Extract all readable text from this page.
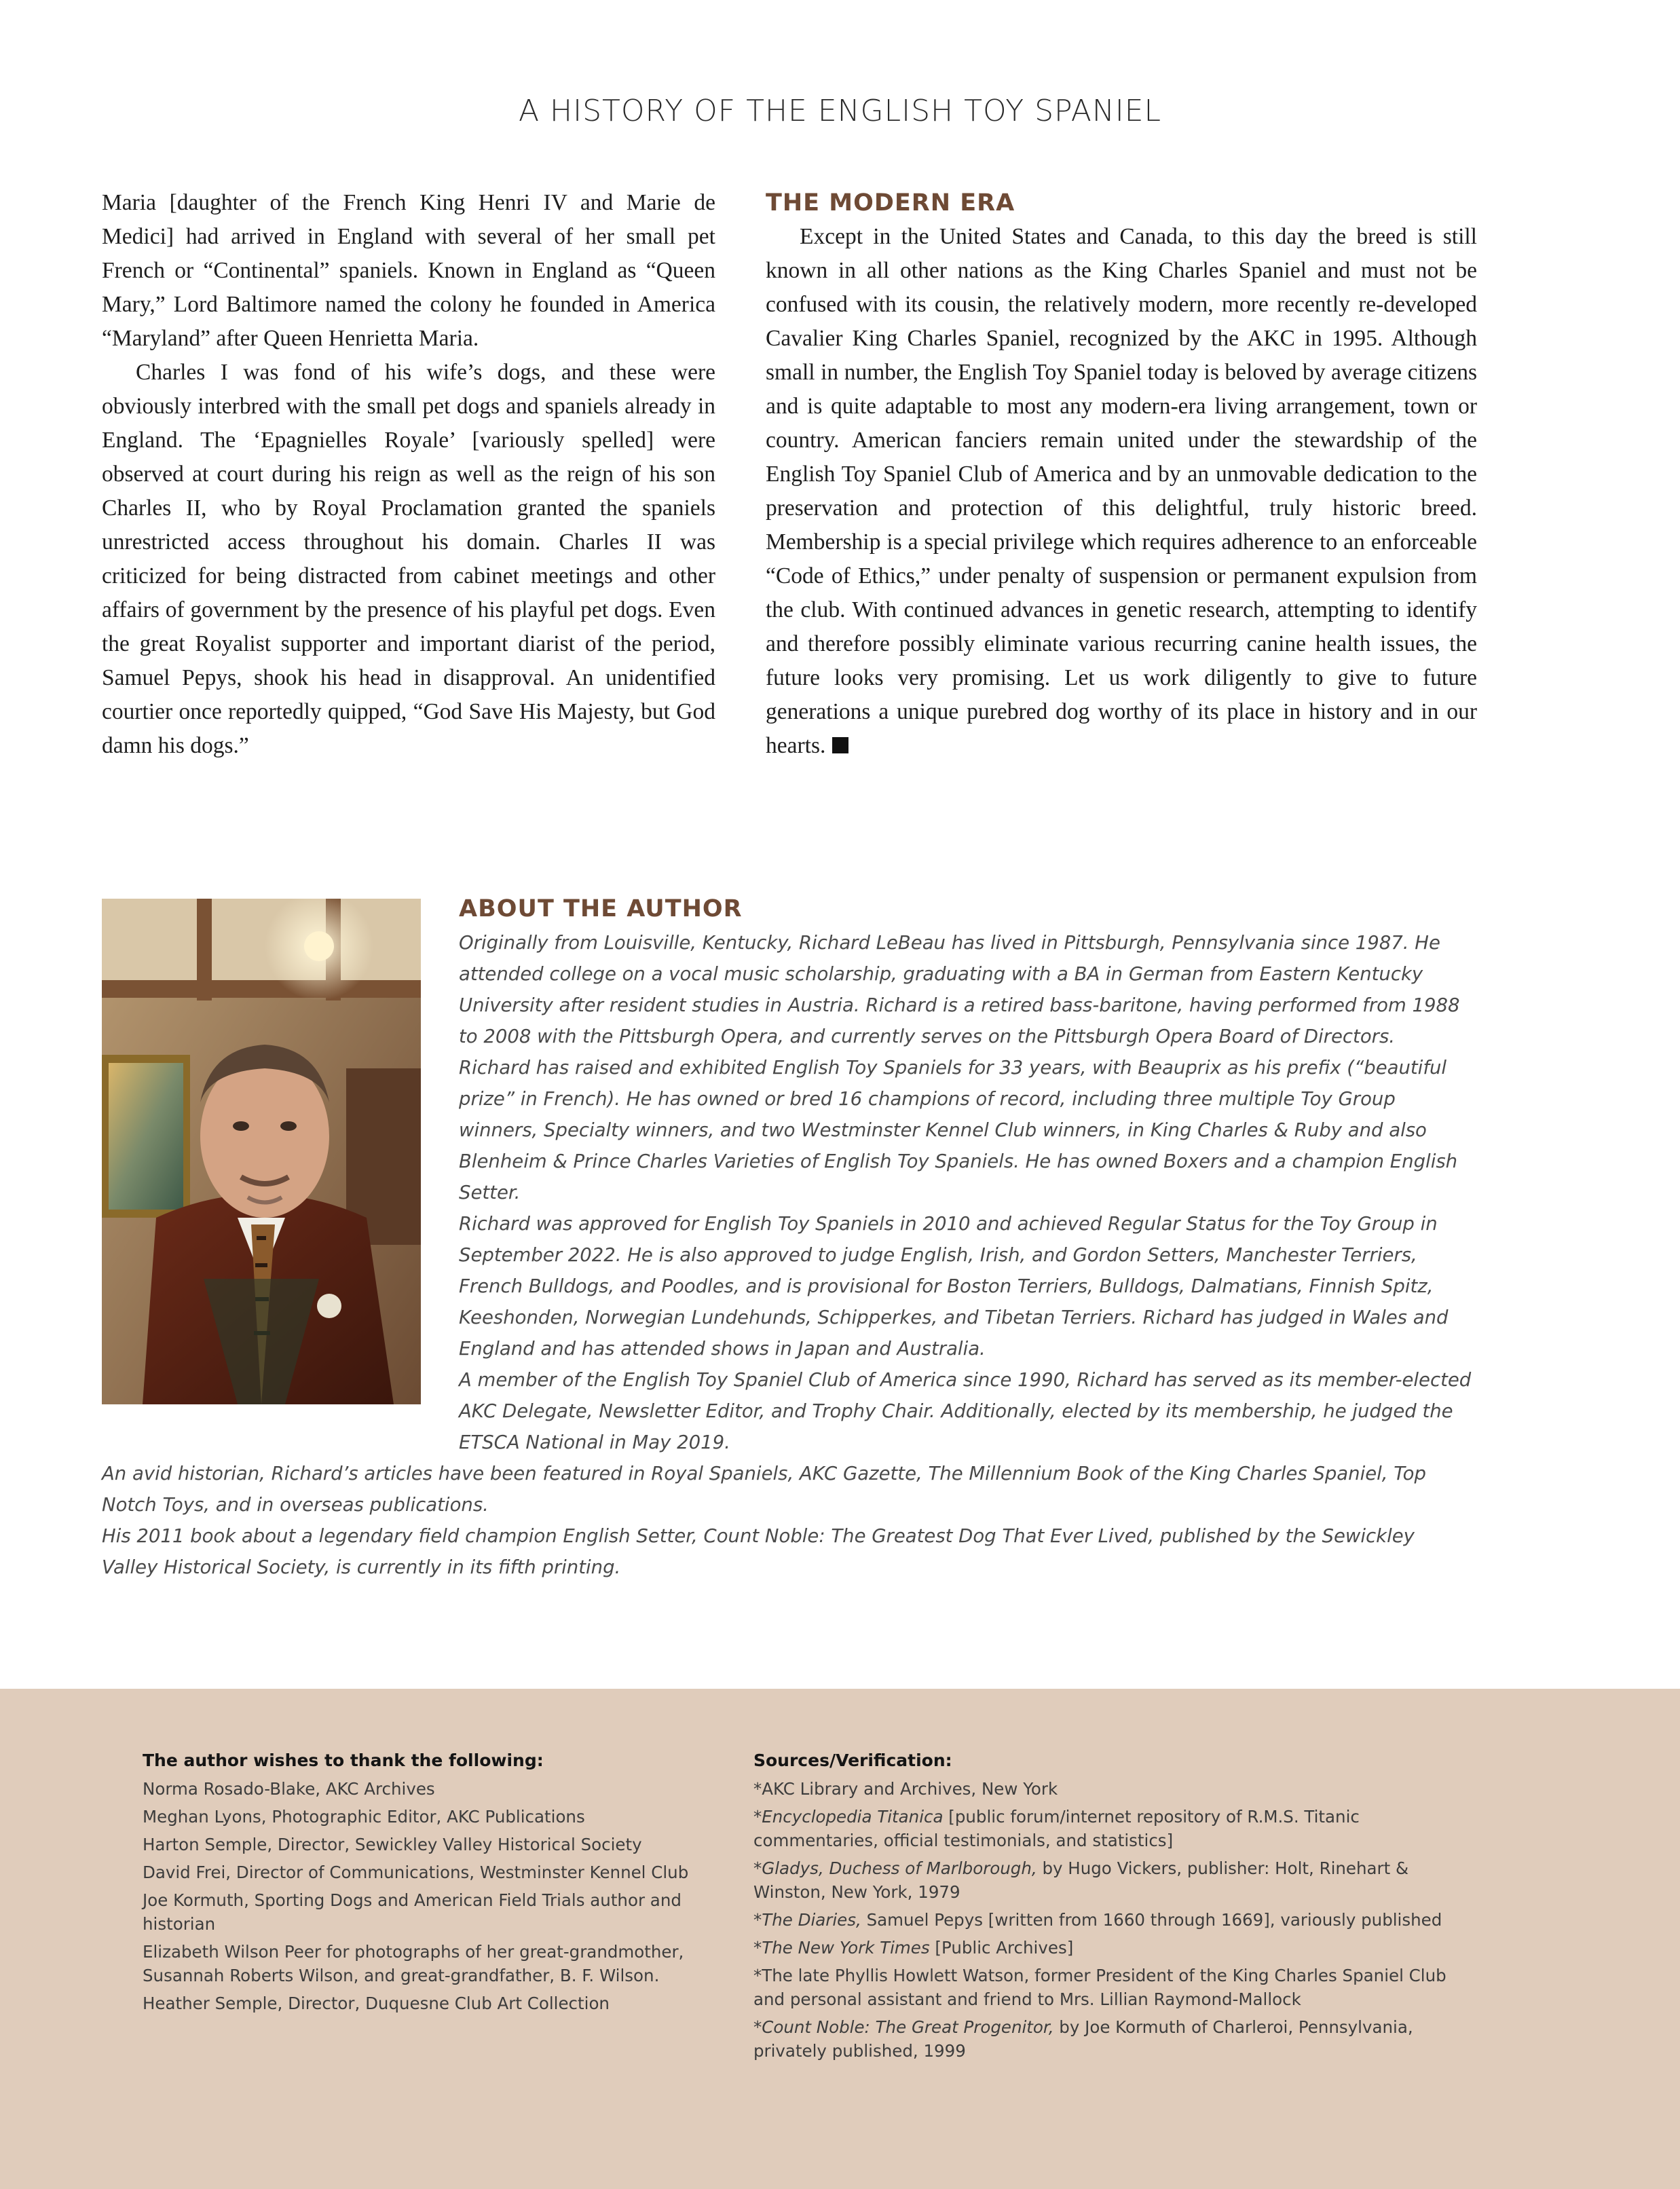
A HISTORY OF THE ENGLISH TOY SPANIEL

Maria [daughter of the French King Henri IV and Marie de Medici] had arrived in England with several of her small pet French or “Continental” spaniels. Known in England as “Queen Mary,” Lord Baltimore named the colony he founded in America “Maryland” after Queen Henrietta Maria.

Charles I was fond of his wife’s dogs, and these were obviously interbred with the small pet dogs and spaniels already in England. The ‘Epagnielles Royale’ [variously spelled] were observed at court during his reign as well as the reign of his son Charles II, who by Royal Proclamation granted the spaniels unrestricted access throughout his domain. Charles II was criticized for being distracted from cabinet meetings and other affairs of government by the presence of his playful pet dogs. Even the great Royalist supporter and important diarist of the period, Samuel Pepys, shook his head in disapproval. An unidentified courtier once reportedly quipped, “God Save His Majesty, but God damn his dogs.”

THE MODERN ERA

Except in the United States and Canada, to this day the breed is still known in all other nations as the King Charles Spaniel and must not be confused with its cousin, the relatively modern, more recently re-developed Cavalier King Charles Spaniel, recognized by the AKC in 1995. Although small in number, the English Toy Spaniel today is beloved by average citizens and is quite adaptable to most any modern-era living arrangement, town or country. American fanciers remain united under the stewardship of the English Toy Spaniel Club of America and by an unmovable dedication to the preservation and protection of this delightful, truly historic breed. Membership is a special privilege which requires adherence to an enforceable “Code of Ethics,” under penalty of suspension or permanent expulsion from the club. With continued advances in genetic research, attempting to identify and therefore possibly eliminate various recurring canine health issues, the future looks very promising. Let us work diligently to give to future generations a unique purebred dog worthy of its place in history and in our hearts.

ABOUT THE AUTHOR

Originally from Louisville, Kentucky, Richard LeBeau has lived in Pittsburgh, Pennsylvania since 1987. He attended college on a vocal music scholarship, graduating with a BA in German from Eastern Kentucky University after resident studies in Austria. Richard is a retired bass-baritone, having performed from 1988 to 2008 with the Pittsburgh Opera, and currently serves on the Pittsburgh Opera Board of Directors.

Richard has raised and exhibited English Toy Spaniels for 33 years, with Beauprix as his prefix (“beautiful prize” in French). He has owned or bred 16 champions of record, including three multiple Toy Group winners, Specialty winners, and two Westminster Kennel Club winners, in King Charles & Ruby and also Blenheim & Prince Charles Varieties of English Toy Spaniels. He has owned Boxers and a champion English Setter.

Richard was approved for English Toy Spaniels in 2010 and achieved Regular Status for the Toy Group in September 2022. He is also approved to judge English, Irish, and Gordon Setters, Manchester Terriers, French Bulldogs, and Poodles, and is provisional for Boston Terriers, Bulldogs, Dalmatians, Finnish Spitz, Keeshonden, Norwegian Lundehunds, Schipperkes, and Tibetan Terriers. Richard has judged in Wales and England and has attended shows in Japan and Australia.

A member of the English Toy Spaniel Club of America since 1990, Richard has served as its member-elected AKC Delegate, Newsletter Editor, and Trophy Chair. Additionally, elected by its membership, he judged the ETSCA National in May 2019.

An avid historian, Richard’s articles have been featured in Royal Spaniels, AKC Gazette, The Millennium Book of the King Charles Spaniel, Top Notch Toys, and in overseas publications.

His 2011 book about a legendary field champion English Setter, Count Noble: The Greatest Dog That Ever Lived, published by the Sewickley Valley Historical Society, is currently in its fifth printing.

The author wishes to thank the following:
Norma Rosado-Blake, AKC Archives
Meghan Lyons, Photographic Editor, AKC Publications
Harton Semple, Director, Sewickley Valley Historical Society
David Frei, Director of Communications, Westminster Kennel Club
Joe Kormuth, Sporting Dogs and American Field Trials author and historian
Elizabeth Wilson Peer for photographs of her great-grandmother, Susannah Roberts Wilson, and great-grandfather, B. F. Wilson.
Heather Semple, Director, Duquesne Club Art Collection
Sources/Verification:
*AKC Library and Archives, New York
*Encyclopedia Titanica [public forum/internet repository of R.M.S. Titanic commentaries, official testimonials, and statistics]
*Gladys, Duchess of Marlborough, by Hugo Vickers, publisher: Holt, Rinehart & Winston, New York, 1979
*The Diaries, Samuel Pepys [written from 1660 through 1669], variously published
*The New York Times [Public Archives]
*The late Phyllis Howlett Watson, former President of the King Charles Spaniel Club and personal assistant and friend to Mrs. Lillian Raymond-Mallock
*Count Noble: The Great Progenitor, by Joe Kormuth of Charleroi, Pennsylvania, privately published, 1999
